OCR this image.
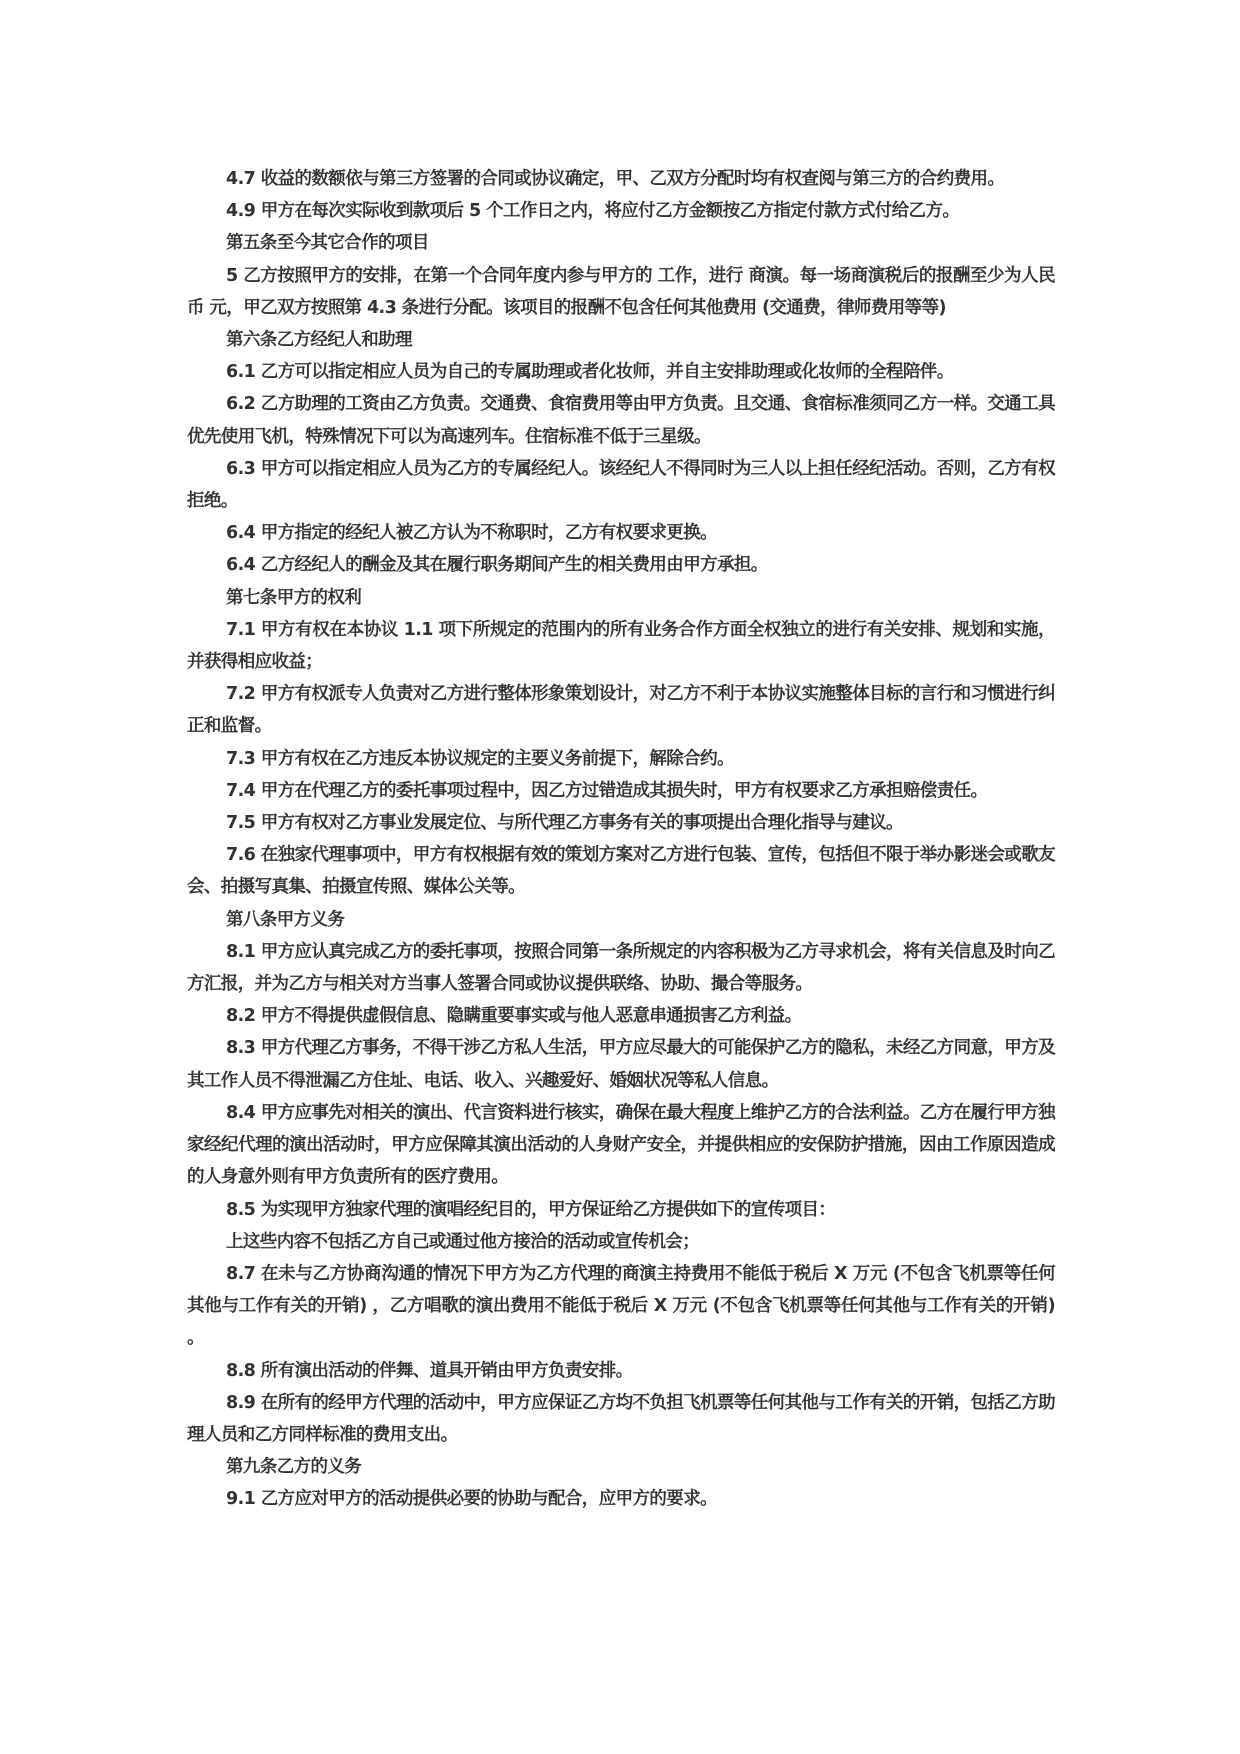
4.7 收益的数额依与第三方签署的合同或协议确定，甲、乙双方分配时均有权查阅与第三方的合约费用。

4.9 甲方在每次实际收到款项后 5 个工作日之内，将应付乙方金额按乙方指定付款方式付给乙方。

第五条至今其它合作的项目

5 乙方按照甲方的安排，在第一个合同年度内参与甲方的 工作，进行 商演。每一场商演税后的报酬至少为人民币 元，甲乙双方按照第 4.3 条进行分配。该项目的报酬不包含任何其他费用 (交通费，律师费用等等)

第六条乙方经纪人和助理

6.1 乙方可以指定相应人员为自己的专属助理或者化妆师，并自主安排助理或化妆师的全程陪伴。

6.2 乙方助理的工资由乙方负责。交通费、食宿费用等由甲方负责。且交通、食宿标准须同乙方一样。交通工具优先使用飞机，特殊情况下可以为高速列车。住宿标准不低于三星级。

6.3 甲方可以指定相应人员为乙方的专属经纪人。该经纪人不得同时为三人以上担任经纪活动。否则，乙方有权拒绝。

6.4 甲方指定的经纪人被乙方认为不称职时，乙方有权要求更换。

6.4 乙方经纪人的酬金及其在履行职务期间产生的相关费用由甲方承担。

第七条甲方的权利

7.1 甲方有权在本协议 1.1 项下所规定的范围内的所有业务合作方面全权独立的进行有关安排、规划和实施，并获得相应收益；

7.2 甲方有权派专人负责对乙方进行整体形象策划设计，对乙方不利于本协议实施整体目标的言行和习惯进行纠正和监督。

7.3 甲方有权在乙方违反本协议规定的主要义务前提下，解除合约。

7.4 甲方在代理乙方的委托事项过程中，因乙方过错造成其损失时，甲方有权要求乙方承担赔偿责任。

7.5 甲方有权对乙方事业发展定位、与所代理乙方事务有关的事项提出合理化指导与建议。

7.6 在独家代理事项中，甲方有权根据有效的策划方案对乙方进行包装、宣传，包括但不限于举办影迷会或歌友会、拍摄写真集、拍摄宣传照、媒体公关等。

第八条甲方义务

8.1 甲方应认真完成乙方的委托事项，按照合同第一条所规定的内容积极为乙方寻求机会，将有关信息及时向乙方汇报，并为乙方与相关对方当事人签署合同或协议提供联络、协助、撮合等服务。

8.2 甲方不得提供虚假信息、隐瞒重要事实或与他人恶意串通损害乙方利益。

8.3 甲方代理乙方事务，不得干涉乙方私人生活，甲方应尽最大的可能保护乙方的隐私，未经乙方同意，甲方及其工作人员不得泄漏乙方住址、电话、收入、兴趣爱好、婚姻状况等私人信息。

8.4 甲方应事先对相关的演出、代言资料进行核实，确保在最大程度上维护乙方的合法利益。乙方在履行甲方独家经纪代理的演出活动时，甲方应保障其演出活动的人身财产安全，并提供相应的安保防护措施，因由工作原因造成的人身意外则有甲方负责所有的医疗费用。

8.5 为实现甲方独家代理的演唱经纪目的，甲方保证给乙方提供如下的宣传项目：

上这些内容不包括乙方自己或通过他方接洽的活动或宣传机会；

8.7 在未与乙方协商沟通的情况下甲方为乙方代理的商演主持费用不能低于税后 X 万元 (不包含飞机票等任何其他与工作有关的开销) ，乙方唱歌的演出费用不能低于税后 X 万元 (不包含飞机票等任何其他与工作有关的开销) 。

8.8 所有演出活动的伴舞、道具开销由甲方负责安排。

8.9 在所有的经甲方代理的活动中，甲方应保证乙方均不负担飞机票等任何其他与工作有关的开销，包括乙方助理人员和乙方同样标准的费用支出。

第九条乙方的义务

9.1 乙方应对甲方的活动提供必要的协助与配合，应甲方的要求。
